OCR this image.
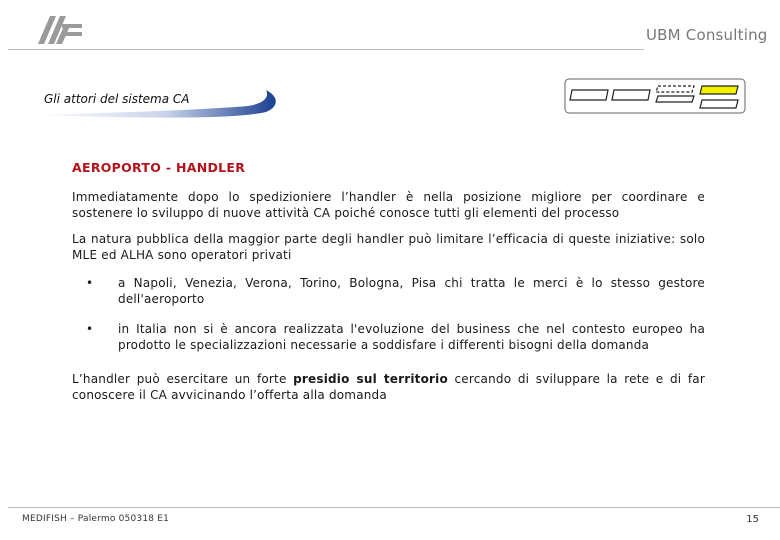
UBM Consulting
Gli attori del sistema CA
AEROPORTO - HANDLER

Immediatamente dopo lo spedizioniere l’handler è nella posizione migliore per coordinare e sostenere lo sviluppo di nuove attività CA poiché conosce tutti gli elementi del processo

La natura pubblica della maggior parte degli handler può limitare l’efficacia di queste iniziative: solo MLE ed ALHA sono operatori privati

• a Napoli, Venezia, Verona, Torino, Bologna, Pisa chi tratta le merci è lo stesso gestore dell'aeroporto
• in Italia non si è ancora realizzata l'evoluzione del business che nel contesto europeo ha prodotto le specializzazioni necessarie a soddisfare i differenti bisogni della domanda

L’handler può esercitare un forte presidio sul territorio cercando di sviluppare la rete e di far conoscere il CA avvicinando l’offerta alla domanda

MEDIFISH – Palermo 050318 E1	15
